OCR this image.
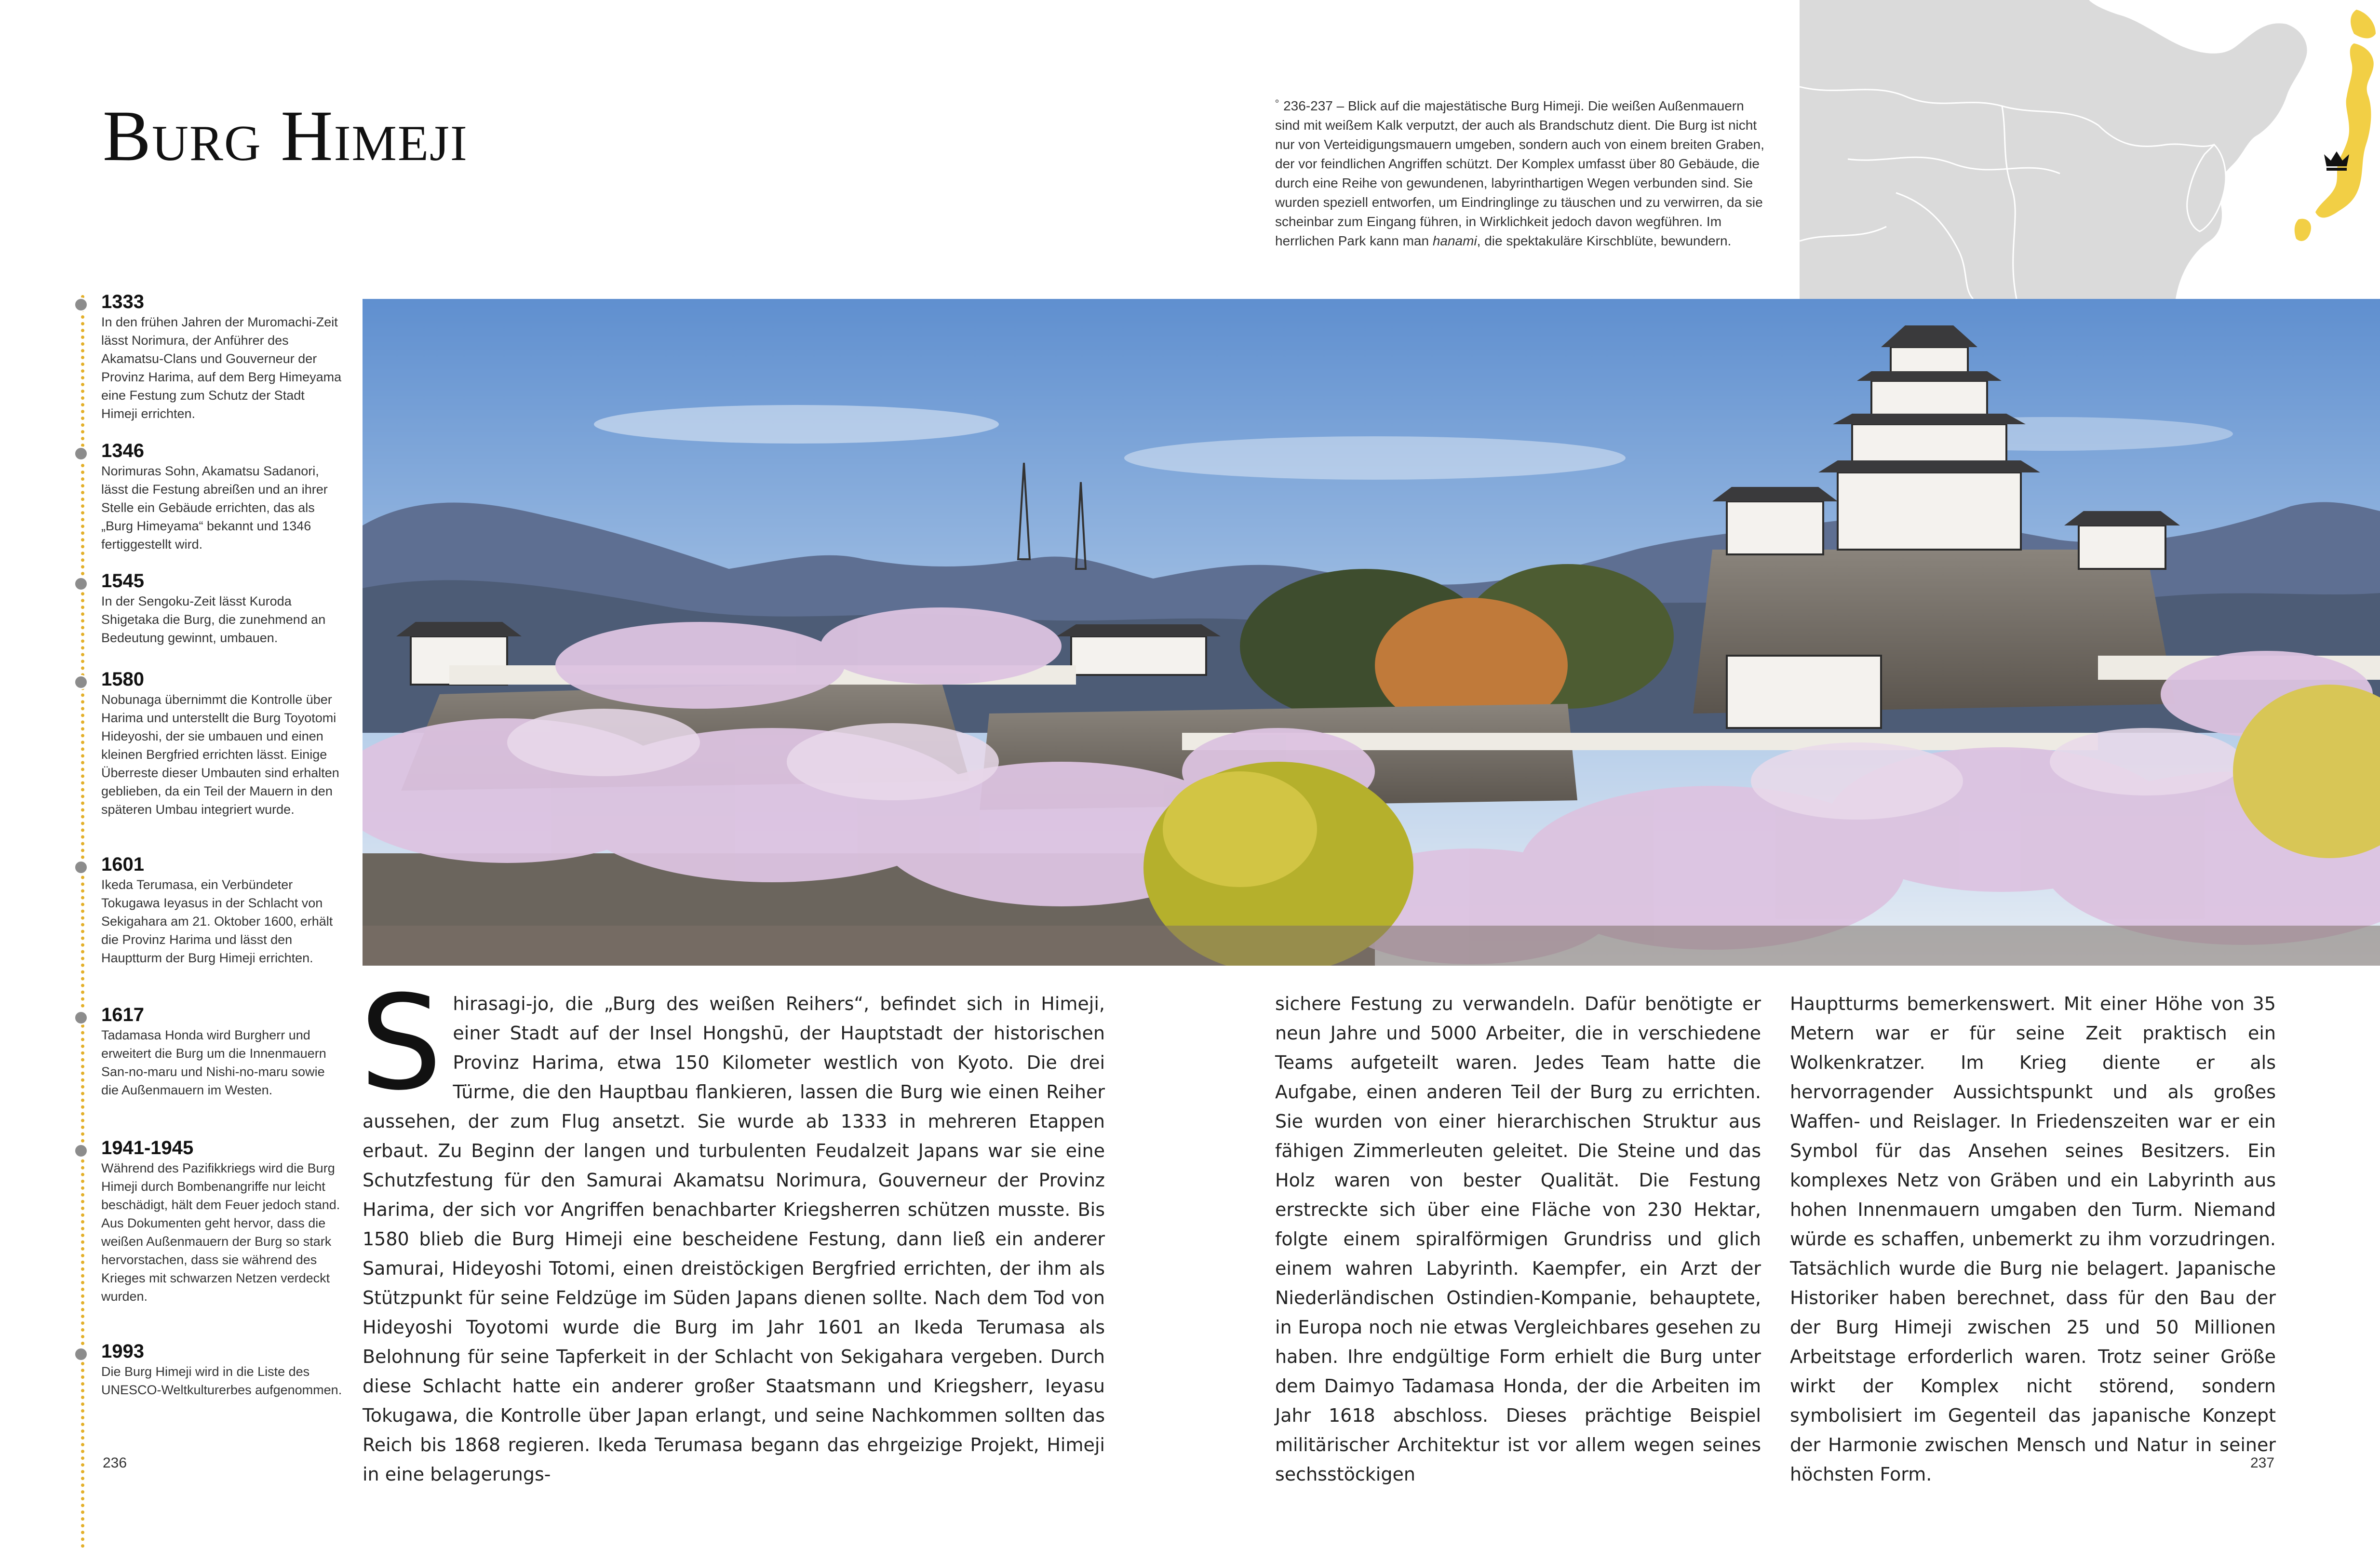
Burg Himeji	˚ 236-237 – Blick auf die majestätische Burg Himeji. Die weißen Außenmauern sind mit weißem Kalk verputzt, der auch als Brandschutz dient. Die Burg ist nicht nur von Verteidigungsmauern umgeben, sondern auch von einem breiten Graben, der vor feindlichen Angriffen schützt. Der Komplex umfasst über 80 Gebäude, die durch eine Reihe von gewundenen, labyrinthartigen Wegen verbunden sind. Sie wurden speziell entworfen, um Eindringlinge zu täuschen und zu verwirren, da sie scheinbar zum Eingang führen, in Wirklichkeit jedoch davon wegführen. Im herrlichen Park kann man hanami, die spektakuläre Kirschblüte, bewundern.
1333
In den frühen Jahren der Muromachi-Zeit lässt Norimura, der Anführer des Akamatsu-Clans und Gouverneur der Provinz Harima, auf dem Berg Himeyama eine Festung zum Schutz der Stadt Himeji errichten.
1346
Norimuras Sohn, Akamatsu Sadanori, lässt die Festung abreißen und an ihrer Stelle ein Gebäude errichten, das als „Burg Himeyama“ bekannt und 1346 fertiggestellt wird.
1545
In der Sengoku-Zeit lässt Kuroda Shigetaka die Burg, die zunehmend an Bedeutung gewinnt, umbauen.
1580
Nobunaga übernimmt die Kontrolle über Harima und unterstellt die Burg Toyotomi Hideyoshi, der sie umbauen und einen kleinen Bergfried errichten lässt. Einige Überreste dieser Umbauten sind erhalten geblieben, da ein Teil der Mauern in den späteren Umbau integriert wurde.
1601
Ikeda Terumasa, ein Verbündeter Tokugawa Ieyasus in der Schlacht von Sekigahara am 21. Oktober 1600, erhält die Provinz Harima und lässt den Hauptturm der Burg Himeji errichten.
1617
Tadamasa Honda wird Burgherr und erweitert die Burg um die Innenmauern San-no-maru und Nishi-no-maru sowie die Außenmauern im Westen.
1941-1945
Während des Pazifikkriegs wird die Burg Himeji durch Bombenangriffe nur leicht beschädigt, hält dem Feuer jedoch stand. Aus Dokumenten geht hervor, dass die weißen Außenmauern der Burg so stark hervorstachen, dass sie während des Krieges mit schwarzen Netzen verdeckt wurden.
1993
Die Burg Himeji wird in die Liste des UNESCO-Weltkulturerbes aufgenommen.
Shirasagi-jo, die „Burg des weißen Reihers“, befindet sich in Himeji, einer Stadt auf der Insel Hongshū, der Hauptstadt der historischen Provinz Harima, etwa 150 Kilometer westlich von Kyoto. Die drei Türme, die den Hauptbau flankieren, lassen die Burg wie einen Reiher aussehen, der zum Flug ansetzt. Sie wurde ab 1333 in mehreren Etappen erbaut. Zu Beginn der langen und turbulenten Feudalzeit Japans war sie eine Schutzfestung für den Samurai Akamatsu Norimura, Gouverneur der Provinz Harima, der sich vor Angriffen benachbarter Kriegsherren schützen musste. Bis 1580 blieb die Burg Himeji eine bescheidene Festung, dann ließ ein anderer Samurai, Hideyoshi Totomi, einen dreistöckigen Bergfried errichten, der ihm als Stützpunkt für seine Feldzüge im Süden Japans dienen sollte. Nach dem Tod von Hideyoshi Toyotomi wurde die Burg im Jahr 1601 an Ikeda Terumasa als Belohnung für seine Tapferkeit in der Schlacht von Sekigahara vergeben. Durch diese Schlacht hatte ein anderer großer Staatsmann und Kriegsherr, Ieyasu Tokugawa, die Kontrolle über Japan erlangt, und seine Nachkommen sollten das Reich bis 1868 regieren. Ikeda Terumasa begann das ehrgeizige Projekt, Himeji in eine belagerungs-
sichere Festung zu verwandeln. Dafür benötigte er neun Jahre und 5000 Arbeiter, die in verschiedene Teams aufgeteilt waren. Jedes Team hatte die Aufgabe, einen anderen Teil der Burg zu errichten. Sie wurden von einer hierarchischen Struktur aus fähigen Zimmerleuten geleitet. Die Steine und das Holz waren von bester Qualität. Die Festung erstreckte sich über eine Fläche von 230 Hektar, folgte einem spiralförmigen Grundriss und glich einem wahren Labyrinth. Kaempfer, ein Arzt der Niederländischen Ostindien-Kompanie, behauptete, in Europa noch nie etwas Vergleichbares gesehen zu haben. Ihre endgültige Form erhielt die Burg unter dem Daimyo Tadamasa Honda, der die Arbeiten im Jahr 1618 abschloss. Dieses prächtige Beispiel militärischer Architektur ist vor allem wegen seines sechsstöckigen
Hauptturms bemerkenswert. Mit einer Höhe von 35 Metern war er für seine Zeit praktisch ein Wolkenkratzer. Im Krieg diente er als hervorragender Aussichtspunkt und als großes Waffen- und Reislager. In Friedenszeiten war er ein Symbol für das Ansehen seines Besitzers. Ein komplexes Netz von Gräben und ein Labyrinth aus hohen Innenmauern umgaben den Turm. Niemand würde es schaffen, unbemerkt zu ihm vorzudringen. Tatsächlich wurde die Burg nie belagert. Japanische Historiker haben berechnet, dass für den Bau der der Burg Himeji zwischen 25 und 50 Millionen Arbeitstage erforderlich waren. Trotz seiner Größe wirkt der Komplex nicht störend, sondern symbolisiert im Gegenteil das japanische Konzept der Harmonie zwischen Mensch und Natur in seiner höchsten Form.
236	237
